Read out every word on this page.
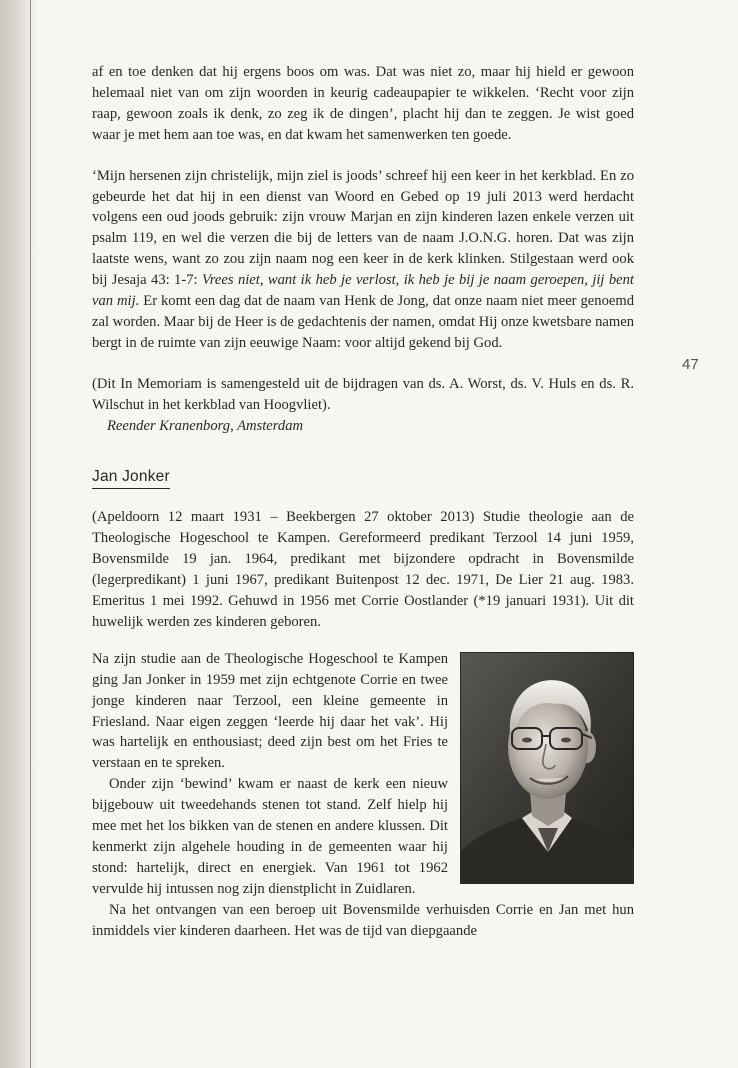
47

af en toe denken dat hij ergens boos om was. Dat was niet zo, maar hij hield er gewoon helemaal niet van om zijn woorden in keurig cadeaupapier te wikkelen. ‘Recht voor zijn raap, gewoon zoals ik denk, zo zeg ik de dingen’, placht hij dan te zeggen. Je wist goed waar je met hem aan toe was, en dat kwam het samenwerken ten goede.

‘Mijn hersenen zijn christelijk, mijn ziel is joods’ schreef hij een keer in het kerkblad. En zo gebeurde het dat hij in een dienst van Woord en Gebed op 19 juli 2013 werd herdacht volgens een oud joods gebruik: zijn vrouw Marjan en zijn kinderen lazen enkele verzen uit psalm 119, en wel die verzen die bij de letters van de naam J.O.N.G. horen. Dat was zijn laatste wens, want zo zou zijn naam nog een keer in de kerk klinken. Stilgestaan werd ook bij Jesaja 43: 1-7: Vrees niet, want ik heb je verlost, ik heb je bij je naam geroepen, jij bent van mij. Er komt een dag dat de naam van Henk de Jong, dat onze naam niet meer genoemd zal worden. Maar bij de Heer is de gedachtenis der namen, omdat Hij onze kwetsbare namen bergt in de ruimte van zijn eeuwige Naam: voor altijd gekend bij God.

(Dit In Memoriam is samengesteld uit de bijdragen van ds. A. Worst, ds. V. Huls en ds. R. Wilschut in het kerkblad van Hoogvliet).

Reender Kranenborg, Amsterdam

Jan Jonker

(Apeldoorn 12 maart 1931 – Beekbergen 27 oktober 2013) Studie theologie aan de Theologische Hogeschool te Kampen. Gereformeerd predikant Terzool 14 juni 1959, Bovensmilde 19 jan. 1964, predikant met bijzondere opdracht in Bovensmilde (legerpredikant) 1 juni 1967, predikant Buitenpost 12 dec. 1971, De Lier 21 aug. 1983. Emeritus 1 mei 1992. Gehuwd in 1956 met Corrie Oostlander (*19 januari 1931). Uit dit huwelijk werden zes kinderen geboren.

Na zijn studie aan de Theologische Hogeschool te Kampen ging Jan Jonker in 1959 met zijn echtgenote Corrie en twee jonge kinderen naar Terzool, een kleine gemeente in Friesland. Naar eigen zeggen ‘leerde hij daar het vak’. Hij was hartelijk en enthousiast; deed zijn best om het Fries te verstaan en te spreken.

Onder zijn ‘bewind’ kwam er naast de kerk een nieuw bijgebouw uit tweedehands stenen tot stand. Zelf hielp hij mee met het los bikken van de stenen en andere klussen. Dit kenmerkt zijn algehele houding in de gemeenten waar hij stond: hartelijk, direct en energiek. Van 1961 tot 1962 vervulde hij intussen nog zijn dienstplicht in Zuidlaren.

Na het ontvangen van een beroep uit Bovensmilde verhuisden Corrie en Jan met hun inmiddels vier kinderen daarheen. Het was de tijd van diepgaande
